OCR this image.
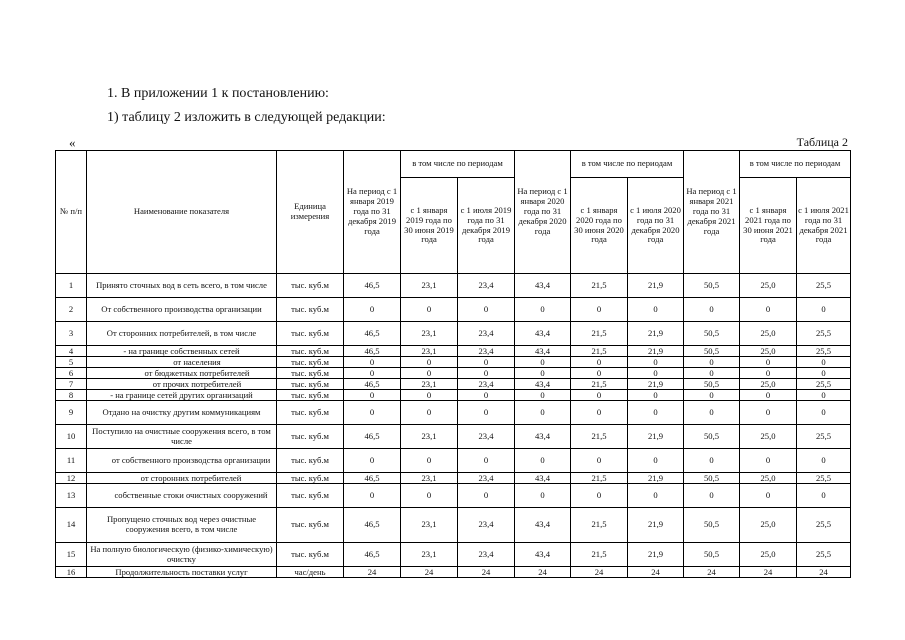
1. В приложении 1 к постановлению:
1) таблицу 2 изложить в следующей редакции:
«	Таблица 2
№ п/п	Наименование показателя	Единица измерения	На период с 1 января 2019 года по 31 декабря 2019 года	в том числе по периодам		На период с 1 января 2020 года по 31 декабря 2020 года	в том числе по периодам		На период с 1 января 2021 года по 31 декабря 2021 года	в том числе по периодам	
				с 1 января 2019 года по 30 июня 2019 года	с 1 июля 2019 года по 31 декабря 2019 года		с 1 января 2020 года по 30 июня 2020 года	с 1 июля 2020 года по 31 декабря 2020 года		с 1 января 2021 года по 30 июня 2021 года	с 1 июля 2021 года по 31 декабря 2021 года
1	Принято сточных вод в сеть всего, в том числе	тыс. куб.м	46,5	23,1	23,4	43,4	21,5	21,9	50,5	25,0	25,5
2	От собственного производства организации	тыс. куб.м	0	0	0	0	0	0	0	0	0
3	От сторонних потребителей, в том числе	тыс. куб.м	46,5	23,1	23,4	43,4	21,5	21,9	50,5	25,0	25,5
4	- на границе собственных сетей	тыс. куб.м	46,5	23,1	23,4	43,4	21,5	21,9	50,5	25,0	25,5
5	от населения	тыс. куб.м	0	0	0	0	0	0	0	0	0
6	от бюджетных потребителей	тыс. куб.м	0	0	0	0	0	0	0	0	0
7	от прочих потребителей	тыс. куб.м	46,5	23,1	23,4	43,4	21,5	21,9	50,5	25,0	25,5
8	- на границе сетей других организаций	тыс. куб.м	0	0	0	0	0	0	0	0	0
9	Отдано на очистку другим коммуникациям	тыс. куб.м	0	0	0	0	0	0	0	0	0
10	Поступило на очистные сооружения всего, в том числе	тыс. куб.м	46,5	23,1	23,4	43,4	21,5	21,9	50,5	25,0	25,5
11	от собственного производства организации	тыс. куб.м	0	0	0	0	0	0	0	0	0
12	от сторонних потребителей	тыс. куб.м	46,5	23,1	23,4	43,4	21,5	21,9	50,5	25,0	25,5
13	собственные стоки очистных сооружений	тыс. куб.м	0	0	0	0	0	0	0	0	0
14	Пропущено сточных вод через очистные сооружения всего, в том числе	тыс. куб.м	46,5	23,1	23,4	43,4	21,5	21,9	50,5	25,0	25,5
15	На полную биологическую (физико-химическую) очистку	тыс. куб.м	46,5	23,1	23,4	43,4	21,5	21,9	50,5	25,0	25,5
16	Продолжительность поставки услуг	час/день	24	24	24	24	24	24	24	24	24
